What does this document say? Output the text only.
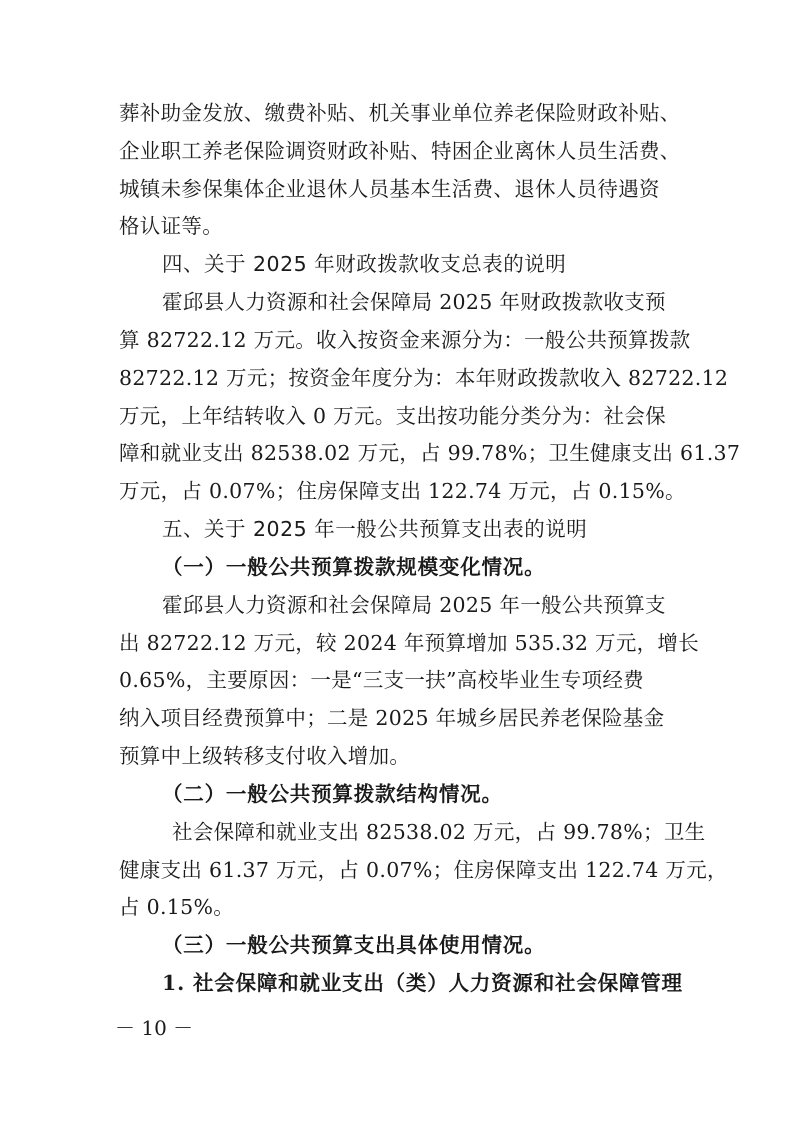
葬补助金发放、缴费补贴、机关事业单位养老保险财政补贴、
企业职工养老保险调资财政补贴、特困企业离休人员生活费、
城镇未参保集体企业退休人员基本生活费、退休人员待遇资
格认证等。
四、关于 2025 年财政拨款收支总表的说明
霍邱县人力资源和社会保障局 2025 年财政拨款收支预
算 82722.12 万元。收入按资金来源分为：一般公共预算拨款
82722.12 万元；按资金年度分为：本年财政拨款收入 82722.12
万元，上年结转收入 0 万元。支出按功能分类分为：社会保
障和就业支出 82538.02 万元，占 99.78%；卫生健康支出 61.37
万元，占 0.07%；住房保障支出 122.74 万元，占 0.15%。
五、关于 2025 年一般公共预算支出表的说明
（一）一般公共预算拨款规模变化情况。
霍邱县人力资源和社会保障局 2025 年一般公共预算支
出 82722.12 万元，较 2024 年预算增加 535.32 万元，增长
0.65%，主要原因：一是“三支一扶”高校毕业生专项经费
纳入项目经费预算中；二是 2025 年城乡居民养老保险基金
预算中上级转移支付收入增加。
（二）一般公共预算拨款结构情况。
社会保障和就业支出 82538.02 万元，占 99.78%；卫生
健康支出 61.37 万元，占 0.07%；住房保障支出 122.74 万元，
占 0.15%。
（三）一般公共预算支出具体使用情况。
1. 社会保障和就业支出（类）人力资源和社会保障管理
－ 10 －
